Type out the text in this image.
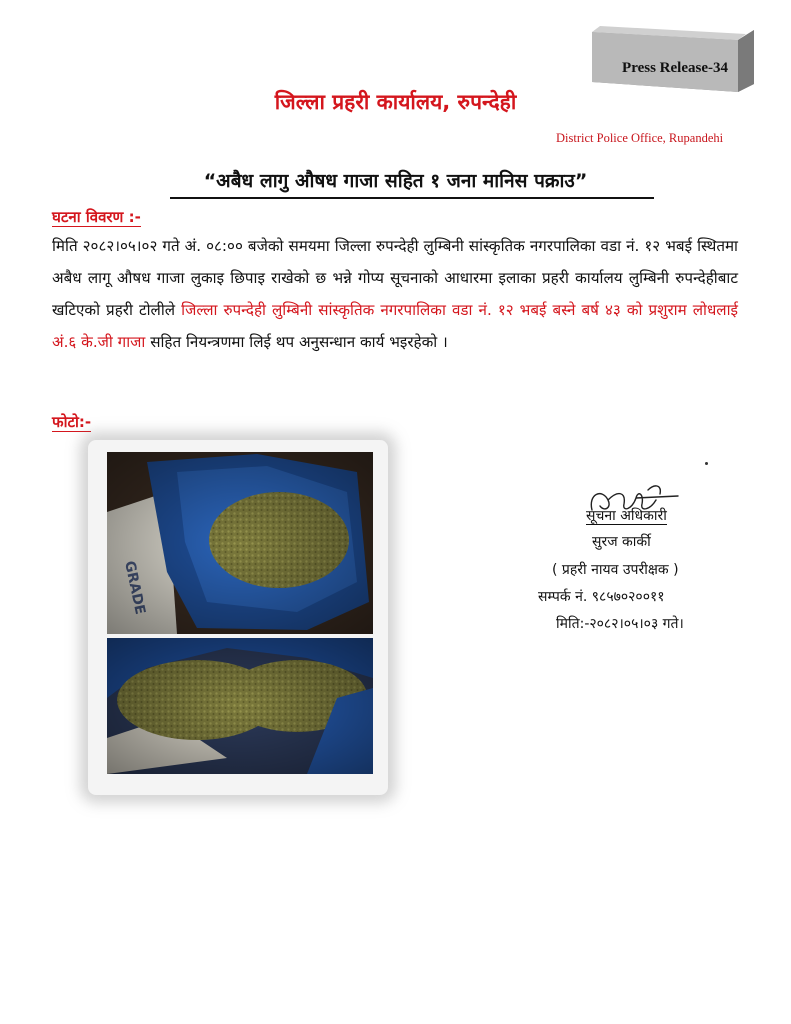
Press Release-34
जिल्ला प्रहरी कार्यालय, रुपन्देही
District Police Office, Rupandehi
“अबैध लागु औषध गाजा सहित १ जना मानिस पक्राउ”
घटना विवरण :-
मिति २०८२।०५।०२ गते अं. ०८:०० बजेको समयमा जिल्ला रुपन्देही लुम्बिनी सांस्कृतिक नगरपालिका वडा नं. १२ भबई स्थितमा अबैध लागू औषध गाजा लुकाइ छिपाइ राखेको छ भन्ने गोप्य सूचनाको आधारमा इलाका प्रहरी कार्यालय लुम्बिनी रुपन्देहीबाट खटिएको प्रहरी टोलीले जिल्ला रुपन्देही लुम्बिनी सांस्कृतिक नगरपालिका वडा नं. १२ भबई बस्ने बर्ष ४३ को प्रशुराम लोधलाई अं.६ के.जी गाजा सहित नियन्त्रणमा लिई थप अनुसन्धान कार्य भइरहेको ।
फोटो:-
सूचना अधिकारी
सुरज कार्की
( प्रहरी नायव उपरीक्षक )
सम्पर्क नं. ९८५७०२००११
मिति:-२०८२।०५।०३ गते।
